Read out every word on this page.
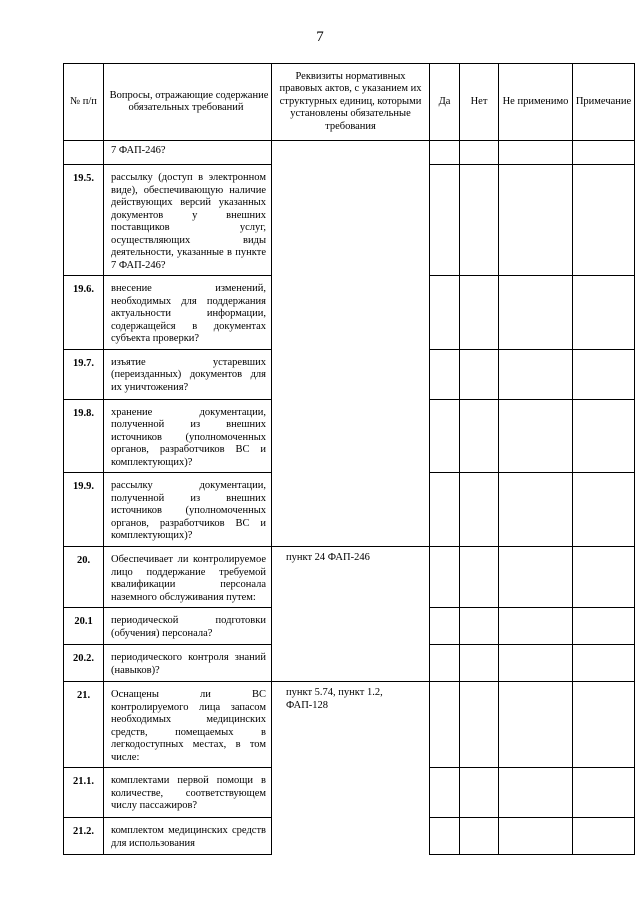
7
№ п/п	Вопросы, отражающие содержание обязательных требований	Реквизиты нормативных правовых актов, с указанием их структурных единиц, которыми установлены обязательные требования	Да	Нет	Не применимо	Примечание

	7 ФАП-246?					

19.5.	рассылку (доступ в электронном виде), обеспечивающую наличие действующих версий указанных документов у внешних поставщиков услуг, осуществляющих виды деятельности, указанные в пункте 7 ФАП-246?					

19.6.	внесение изменений, необходимых для поддержания актуальности информации, содержащейся в документах субъекта проверки?					

19.7.	изъятие устаревших (переизданных) документов для их уничтожения?					

19.8.	хранение документации, полученной из внешних источников (уполномоченных органов, разработчиков ВС и комплектующих)?					

19.9.	рассылку документации, полученной из внешних источников (уполномоченных органов, разработчиков ВС и комплектующих)?					

20.	Обеспечивает ли контролируемое лицо поддержание требуемой квалификации персонала наземного обслуживания путем:	пункт 24 ФАП-246				

20.1	периодической подготовки (обучения) персонала?					

20.2.	периодического контроля знаний (навыков)?					

21.	Оснащены ли ВС контролируемого лица запасом необходимых медицинских средств, помещаемых в легкодоступных местах, в том числе:	пункт 5.74, пункт 1.2, ФАП-128				

21.1.	комплектами первой помощи в количестве, соответствующем числу пассажиров?					

21.2.	комплектом медицинских средств для использования					
